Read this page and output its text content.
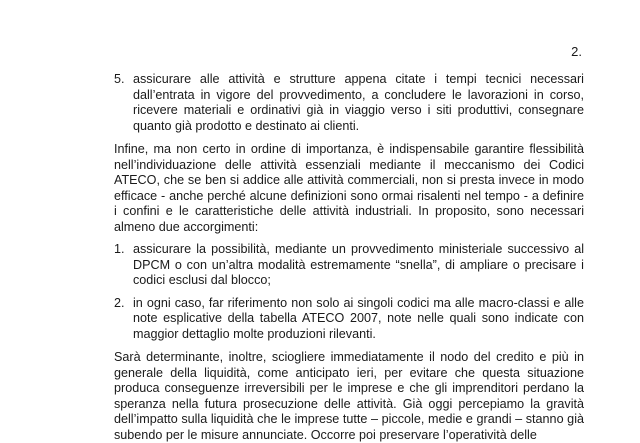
2.
5. assicurare alle attività e strutture appena citate i tempi tecnici necessari dall’entrata in vigore del provvedimento, a concludere le lavorazioni in corso, ricevere materiali e ordinativi già in viaggio verso i siti produttivi, consegnare quanto già prodotto e destinato ai clienti.

Infine, ma non certo in ordine di importanza, è indispensabile garantire flessibilità nell’individuazione delle attività essenziali mediante il meccanismo dei Codici ATECO, che se ben si addice alle attività commerciali, non si presta invece in modo efficace - anche perché alcune definizioni sono ormai risalenti nel tempo - a definire i confini e le caratteristiche delle attività industriali. In proposito, sono necessari almeno due accorgimenti:

1. assicurare la possibilità, mediante un provvedimento ministeriale successivo al DPCM o con un’altra modalità estremamente “snella”, di ampliare o precisare i codici esclusi dal blocco;
2. in ogni caso, far riferimento non solo ai singoli codici ma alle macro-classi e alle note esplicative della tabella ATECO 2007, note nelle quali sono indicate con maggior dettaglio molte produzioni rilevanti.

Sarà determinante, inoltre, sciogliere immediatamente il nodo del credito e più in generale della liquidità, come anticipato ieri, per evitare che questa situazione produca conseguenze irreversibili per le imprese e che gli imprenditori perdano la speranza nella futura prosecuzione delle attività. Già oggi percepiamo la gravità dell’impatto sulla liquidità che le imprese tutte – piccole, medie e grandi – stanno già subendo per le misure annunciate. Occorre poi preservare l’operatività delle
